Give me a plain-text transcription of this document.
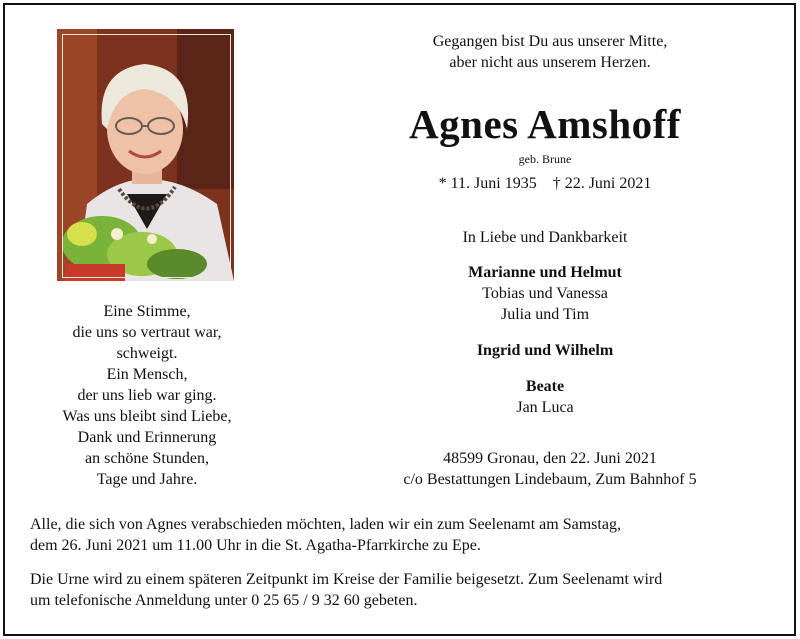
Gegangen bist Du aus unserer Mitte,
aber nicht aus unserem Herzen.
Agnes Amshoff
geb. Brune
* 11. Juni 1935 † 22. Juni 2021
In Liebe und Dankbarkeit
Marianne und Helmut
Tobias und Vanessa
Julia und Tim
Ingrid und Wilhelm
Beate
Jan Luca
Eine Stimme,
die uns so vertraut war,
schweigt.
Ein Mensch,
der uns lieb war ging.
Was uns bleibt sind Liebe,
Dank und Erinnerung
an schöne Stunden,
Tage und Jahre.
48599 Gronau, den 22. Juni 2021
c/o Bestattungen Lindebaum, Zum Bahnhof 5
Alle, die sich von Agnes verabschieden möchten, laden wir ein zum Seelenamt am Samstag,
dem 26. Juni 2021 um 11.00 Uhr in die St. Agatha-Pfarrkirche zu Epe.
Die Urne wird zu einem späteren Zeitpunkt im Kreise der Familie beigesetzt. Zum Seelenamt wird
um telefonische Anmeldung unter 0 25 65 / 9 32 60 gebeten.
